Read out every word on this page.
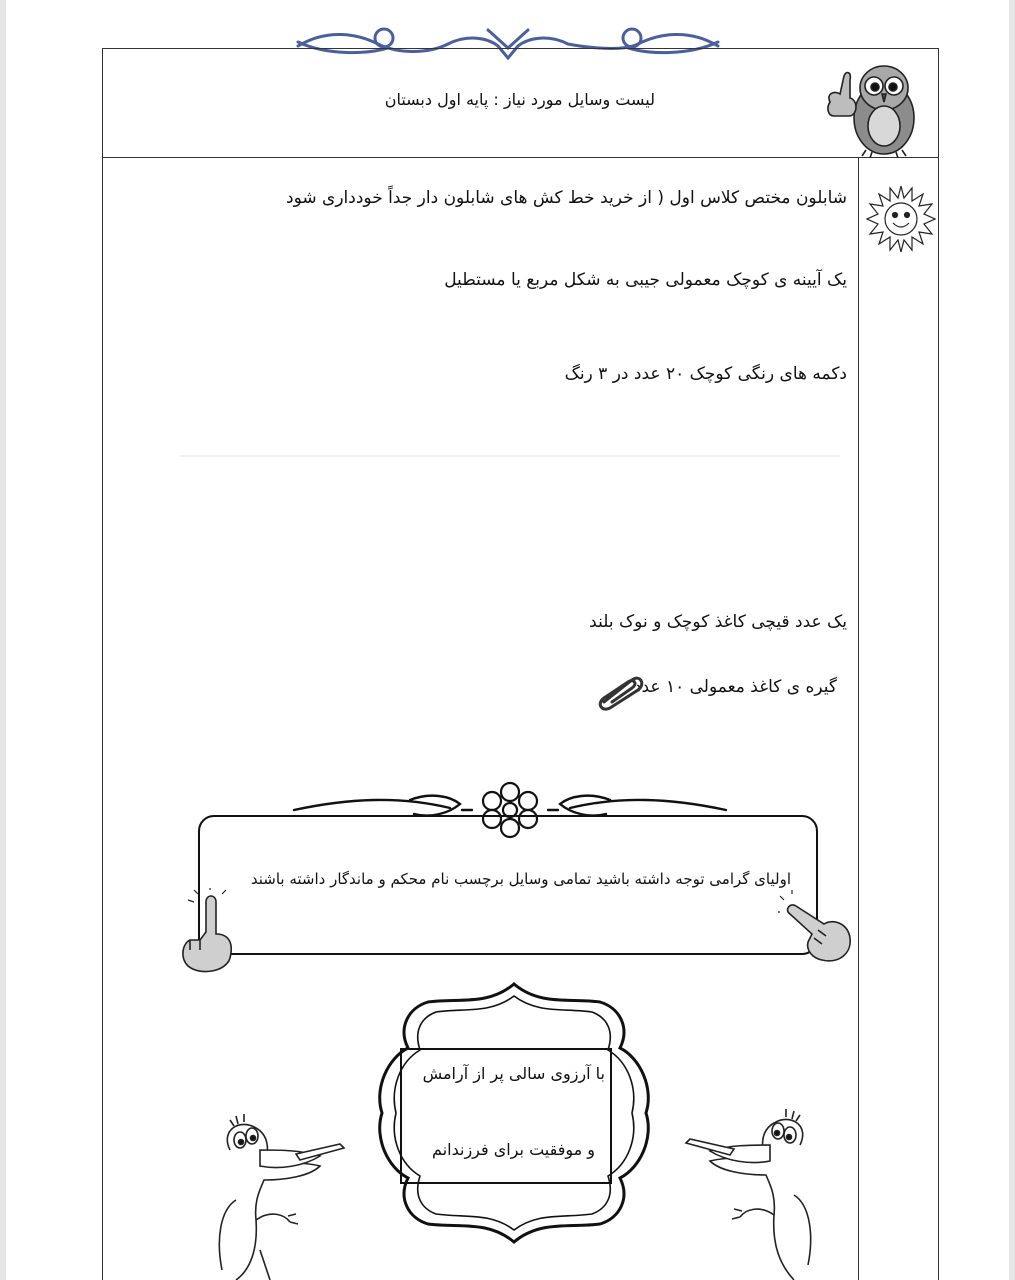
لیست وسایل مورد نیاز : پایه اول دبستان
شابلون مختص کلاس اول ( از خرید خط کش های شابلون دار جداً خودداری شود
یک آیینه ی کوچک معمولی جیبی به شکل مربع یا مستطیل
دکمه های رنگی کوچک ۲۰ عدد در ۳ رنگ
یک عدد قیچی کاغذ کوچک و نوک بلند
گیره ی کاغذ معمولی ۱۰ عدد
اولیای گرامی توجه داشته باشید تمامی وسایل برچسب نام محکم و ماندگار داشته باشند
با آرزوی سالی پر از آرامش
و موفقیت برای فرزندانم
